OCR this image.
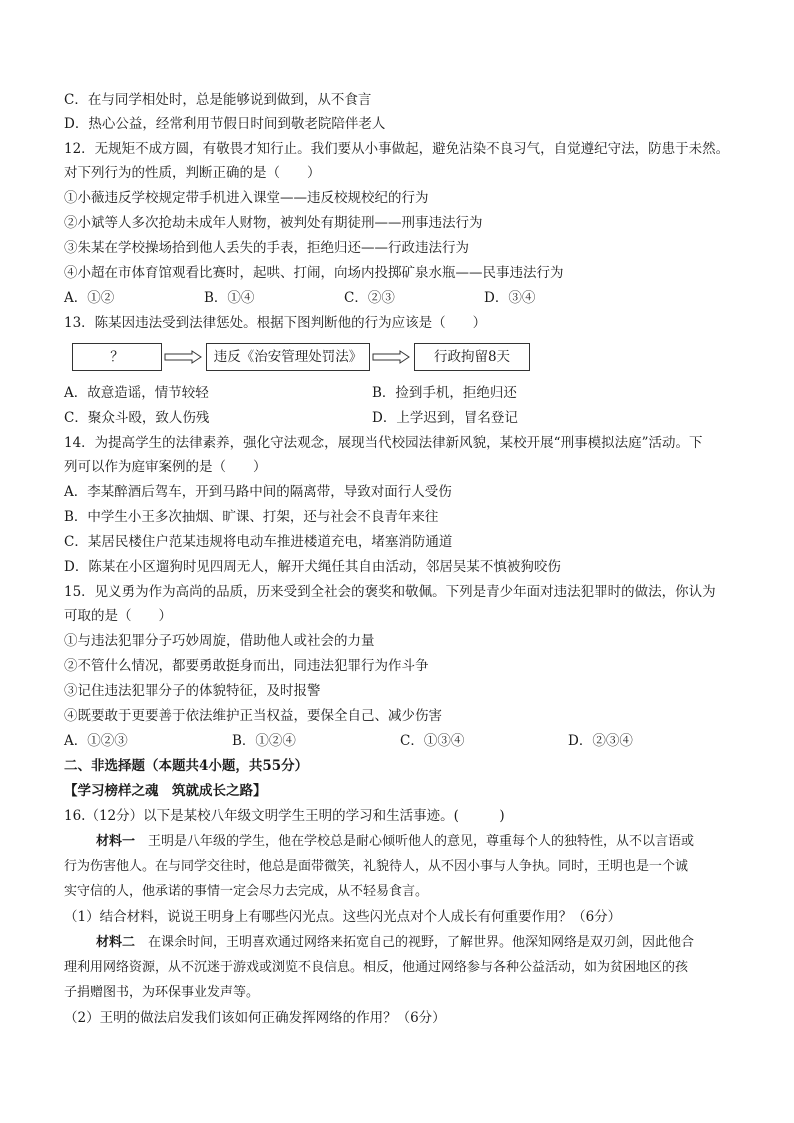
C．在与同学相处时，总是能够说到做到，从不食言
D．热心公益，经常利用节假日时间到敬老院陪伴老人
12．无规矩不成方圆，有敬畏才知行止。我们要从小事做起，避免沾染不良习气，自觉遵纪守法，防患于未然。
对下列行为的性质，判断正确的是（　　）
①小薇违反学校规定带手机进入课堂——违反校规校纪的行为
②小斌等人多次抢劫未成年人财物，被判处有期徒刑——刑事违法行为
③朱某在学校操场拾到他人丢失的手表，拒绝归还——行政违法行为
④小超在市体育馆观看比赛时，起哄、打闹，向场内投掷矿泉水瓶——民事违法行为
A．①②	B．①④	C．②③	D．③④
13．陈某因违法受到法律惩处。根据下图判断他的行为应该是（　　）
？	违反《治安管理处罚法》	行政拘留8天
A．故意造谣，情节较轻	B．捡到手机，拒绝归还
C．聚众斗殴，致人伤残	D．上学迟到，冒名登记
14．为提高学生的法律素养，强化守法观念，展现当代校园法律新风貌，某校开展“刑事模拟法庭”活动。下
列可以作为庭审案例的是（　　）
A．李某醉酒后驾车，开到马路中间的隔离带，导致对面行人受伤
B．中学生小王多次抽烟、旷课、打架，还与社会不良青年来往
C．某居民楼住户范某违规将电动车推进楼道充电，堵塞消防通道
D．陈某在小区遛狗时见四周无人，解开犬绳任其自由活动，邻居吴某不慎被狗咬伤
15．见义勇为作为高尚的品质，历来受到全社会的褒奖和敬佩。下列是青少年面对违法犯罪时的做法，你认为
可取的是（　　）
①与违法犯罪分子巧妙周旋，借助他人或社会的力量
②不管什么情况，都要勇敢挺身而出，同违法犯罪行为作斗争
③记住违法犯罪分子的体貌特征，及时报警
④既要敢于更要善于依法维护正当权益，要保全自己、减少伤害
A．①②③	B．①②④	C．①③④	D．②③④
二、非选择题（本题共4小题，共55分）
【学习榜样之魂　筑就成长之路】
16.（12分）以下是某校八年级文明学生王明的学习和生活事迹。(　　　)
材料一　 王明是八年级的学生，他在学校总是耐心倾听他人的意见，尊重每个人的独特性，从不以言语或
行为伤害他人。在与同学交往时，他总是面带微笑，礼貌待人，从不因小事与人争执。同时，王明也是一个诚
实守信的人，他承诺的事情一定会尽力去完成，从不轻易食言。
（1）结合材料，说说王明身上有哪些闪光点。这些闪光点对个人成长有何重要作用？（6分）
材料二　 在课余时间，王明喜欢通过网络来拓宽自己的视野，了解世界。他深知网络是双刃剑，因此他合
理利用网络资源，从不沉迷于游戏或浏览不良信息。相反，他通过网络参与各种公益活动，如为贫困地区的孩
子捐赠图书，为环保事业发声等。
（2）王明的做法启发我们该如何正确发挥网络的作用？（6分）
